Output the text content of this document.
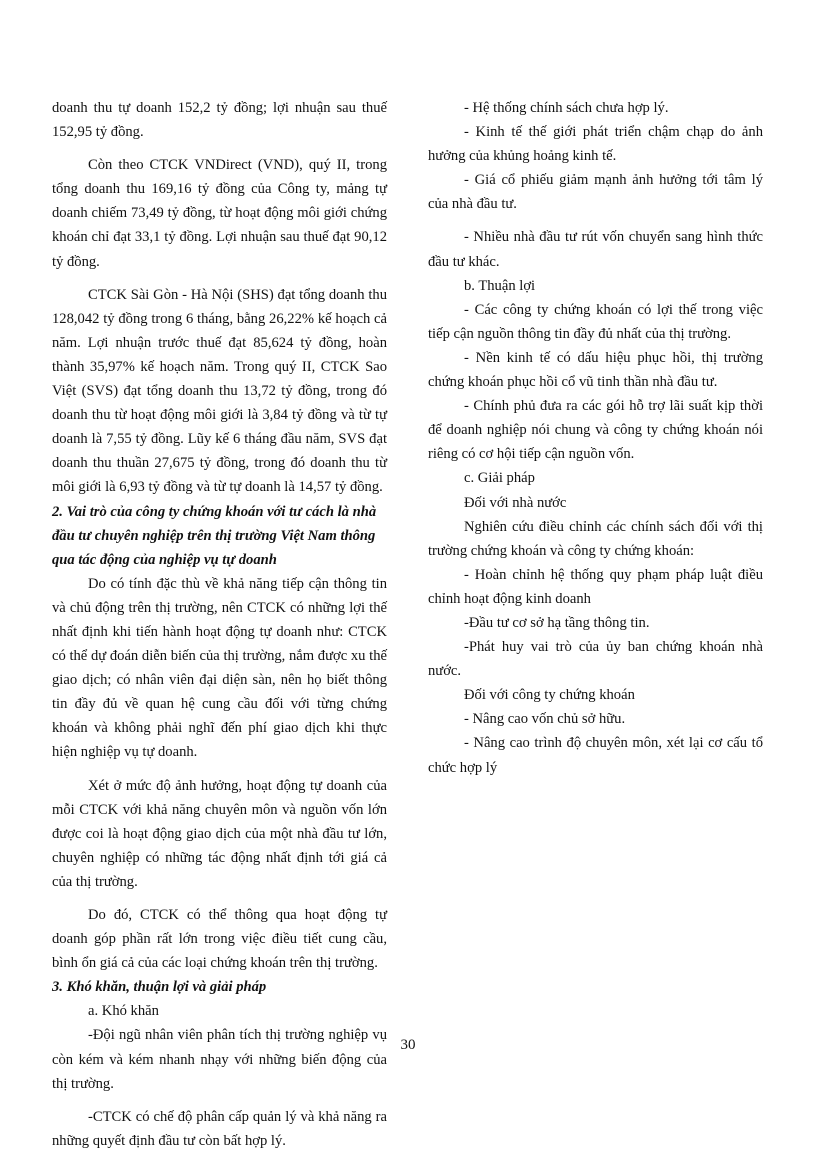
doanh thu tự doanh 152,2 tỷ đồng; lợi nhuận sau thuế 152,95 tỷ đồng.

Còn theo CTCK VNDirect (VND), quý II, trong tổng doanh thu 169,16 tỷ đồng của Công ty, mảng tự doanh chiếm 73,49 tỷ đồng, từ hoạt động môi giới chứng khoán chỉ đạt 33,1 tỷ đồng. Lợi nhuận sau thuế đạt 90,12 tỷ đồng.

CTCK Sài Gòn - Hà Nội (SHS) đạt tổng doanh thu 128,042 tỷ đồng trong 6 tháng, bằng 26,22% kế hoạch cả năm. Lợi nhuận trước thuế đạt 85,624 tỷ đồng, hoàn thành 35,97% kế hoạch năm. Trong quý II, CTCK Sao Việt (SVS) đạt tổng doanh thu 13,72 tỷ đồng, trong đó doanh thu từ hoạt động môi giới là 3,84 tỷ đồng và từ tự doanh là 7,55 tỷ đồng. Lũy kế 6 tháng đầu năm, SVS đạt doanh thu thuần 27,675 tỷ đồng, trong đó doanh thu từ môi giới là 6,93 tỷ đồng và từ tự doanh là 14,57 tỷ đồng.

2. Vai trò của công ty chứng khoán với tư cách là nhà đầu tư chuyên nghiệp trên thị trường Việt Nam thông qua tác động của nghiệp vụ tự doanh

Do có tính đặc thù về khả năng tiếp cận thông tin và chủ động trên thị trường, nên CTCK có những lợi thế nhất định khi tiến hành hoạt động tự doanh như: CTCK có thể dự đoán diễn biến của thị trường, nắm được xu thế giao dịch; có nhân viên đại diện sàn, nên họ biết thông tin đầy đủ về quan hệ cung cầu đối với từng chứng khoán và không phải nghĩ đến phí giao dịch khi thực hiện nghiệp vụ tự doanh.

Xét ở mức độ ảnh hưởng, hoạt động tự doanh của mỗi CTCK với khả năng chuyên môn và nguồn vốn lớn được coi là hoạt động giao dịch của một nhà đầu tư lớn, chuyên nghiệp có những tác động nhất định tới giá cả của thị trường.

Do đó, CTCK có thể thông qua hoạt động tự doanh góp phần rất lớn trong việc điều tiết cung cầu, bình ổn giá cả của các loại chứng khoán trên thị trường.

3. Khó khăn, thuận lợi và giải pháp

a. Khó khăn

-Đội ngũ nhân viên phân tích thị trường nghiệp vụ còn kém và kém nhanh nhạy với những biến động của thị trường.

-CTCK có chế độ phân cấp quản lý và khả năng ra những quyết định đầu tư còn bất hợp lý.

- Hệ thống chính sách chưa hợp lý.

- Kinh tế thế giới phát triển chậm chạp do ảnh hưởng của khủng hoảng kinh tế.

- Giá cổ phiếu giảm mạnh ảnh hưởng tới tâm lý của nhà đầu tư.

- Nhiều nhà đầu tư rút vốn chuyển sang hình thức đầu tư khác.

b. Thuận lợi

- Các công ty chứng khoán có lợi thế trong việc tiếp cận nguồn thông tin đầy đủ nhất của thị trường.

- Nền kinh tế có dấu hiệu phục hồi, thị trường chứng khoán phục hồi cổ vũ tinh thần nhà đầu tư.

- Chính phủ đưa ra các gói hỗ trợ lãi suất kịp thời để doanh nghiệp nói chung và công ty chứng khoán nói riêng có cơ hội tiếp cận nguồn vốn.

c. Giải pháp

Đối với nhà nước

Nghiên cứu điều chỉnh các chính sách đối với thị trường chứng khoán và công ty chứng khoán:

- Hoàn chỉnh hệ thống quy phạm pháp luật điều chỉnh hoạt động kinh doanh

-Đầu tư cơ sở hạ tầng thông tin.

-Phát huy vai trò của ủy ban chứng khoán nhà nước.

Đối với công ty chứng khoán

- Nâng cao vốn chủ sở hữu.

- Nâng cao trình độ chuyên môn, xét lại cơ cấu tổ chức hợp lý

30
